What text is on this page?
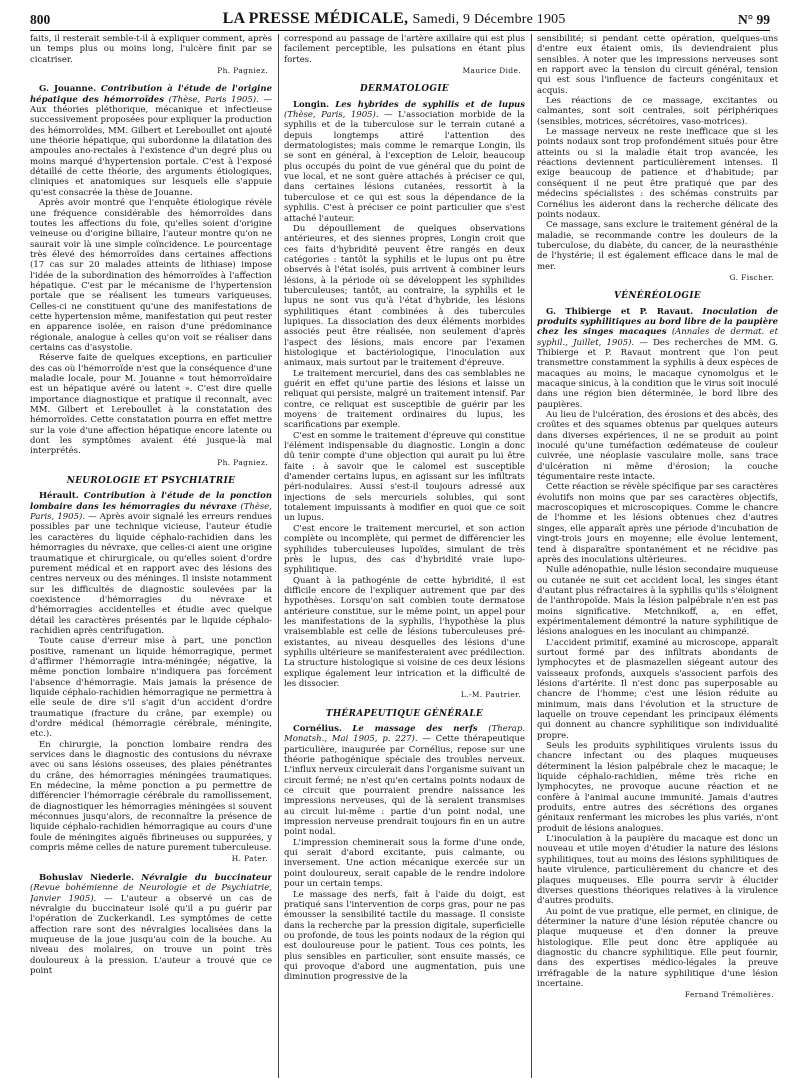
800	LA PRESSE MÉDICALE, Samedi, 9 Décembre 1905	N° 99

faits, il resterait semble-t-il à expliquer comment, après un temps plus ou moins long, l'ulcère finit par se cicatriser.

Ph. Pagniez.

G. Jouanne. Contribution à l'étude de l'origine hépatique des hémorroïdes (Thèse, Paris 1905). — Aux théories pléthorique, mécanique et infectieuse successivement proposées pour expliquer la production des hémorroïdes, MM. Gilbert et Lereboullet ont ajouté une théorie hépatique, qui subordonne la dilatation des ampoules ano-rectales à l'existence d'un degré plus ou moins marqué d'hypertension portale. C'est à l'exposé détaillé de cette théorie, des arguments étiologiques, cliniques et anatomiques sur lesquels elle s'appuie qu'est consacrée la thèse de Jouanne.

Après avoir montré que l'enquête étiologique révèle une fréquence considérable des hémorroïdes dans toutes les affections du foie, qu'elles soient d'origine veineuse ou d'origine biliaire, l'auteur montre qu'on ne saurait voir là une simple coïncidence. Le pourcentage très élevé des hémorroïdes dans certaines affections (17 cas sur 20 malades atteints de lithiase) impose l'idée de la subordination des hémorroïdes à l'affection hépatique. C'est par le mécanisme de l'hypertension portale que se réalisent les tumeurs variqueuses. Celles-ci ne constituent qu'une des manifestations de cette hypertension même, manifestation qui peut rester en apparence isolée, en raison d'une prédominance régionale, analogue à celles qu'on voit se réaliser dans certains cas d'asystolie.

Réserve faite de quelques exceptions, en particulier des cas où l'hémorroïde n'est que la conséquence d'une maladie locale, pour M. Jouanne « tout hémorroïdaire est un hépatique avéré ou latent ». C'est dire quelle importance diagnostique et pratique il reconnaît, avec MM. Gilbert et Lereboullet à la constatation des hémorroïdes. Cette constatation pourra en effet mettre sur la voie d'une affection hépatique encore latente ou dont les symptômes avaient été jusque-là mal interprétés.

Ph. Pagniez.

NEUROLOGIE ET PSYCHIATRIE

Hérault. Contribution à l'étude de la ponction lombaire dans les hémorragies du névraxe (Thèse, Paris, 1905). — Après avoir signalé les erreurs rendues possibles par une technique vicieuse, l'auteur étudie les caractères du liquide céphalo-rachidien dans les hémorragies du névraxe, que celles-ci aient une origine traumatique et chirurgicale, ou qu'elles soient d'ordre purement médical et en rapport avec des lésions des centres nerveux ou des méninges. Il insiste notamment sur les difficultés de diagnostic soulevées par la coexistence d'hémorragies du névraxe et d'hémorragies accidentelles et étudie avec quelque détail les caractères présentés par le liquide céphalo-rachidien après centrifugation.

Toute cause d'erreur mise à part, une ponction positive, ramenant un liquide hémorragique, permet d'affirmer l'hémorragie intra-méningée; négative, la même ponction lombaire n'indiquera pas forcément l'absence d'hémorragie. Mais jamais la présence de liquide céphalo-rachidien hémorragique ne permettra à elle seule de dire s'il s'agit d'un accident d'ordre traumatique (fracture du crâne, par exemple) ou d'ordre médical (hémorragie cérébrale, méningite, etc.).

En chirurgie, la ponction lombaire rendra des services dans le diagnostic des contusions du névraxe avec ou sans lésions osseuses, des plaies pénétrantes du crâne, des hémorragies méningées traumatiques. En médecine, la même ponction a pu permettre de différencier l'hémorragie cérébrale du ramollissement, de diagnostiquer les hémorragies méningées si souvent méconnues jusqu'alors, de reconnaître la présence de liquide céphalo-rachidien hémorragique au cours d'une foule de méningites aiguës fibrineuses ou suppurées, y compris même celles de nature purement tuberculeuse.

H. Pater.

Bohuslav Niederle. Névralgie du buccinateur (Revue bohémienne de Neurologie et de Psychiatrie, Janvier 1905). — L'auteur a observé un cas de névralgie du buccinateur isolé qu'il a pu guérir par l'opération de Zuckerkandl. Les symptômes de cette affection rare sont des névralgies localisées dans la muqueuse de la joue jusqu'au coin de la bouche. Au niveau des molaires, on trouve un point très douloureux à la pression. L'auteur a trouvé que ce point

correspond au passage de l'artère axillaire qui est plus facilement perceptible, les pulsations en étant plus fortes.

Maurice Dide.

DERMATOLOGIE

Longin. Les hybrides de syphilis et de lupus (Thèse, Paris, 1905). — L'association morbide de la syphilis et de la tuberculose sur le terrain cutané a depuis longtemps attiré l'attention des dermatologistes; mais comme le remarque Longin, ils se sont en général, à l'exception de Leloir, beaucoup plus occupés du point de vue général que du point de vue local, et ne sont guère attachés à préciser ce qui, dans certaines lésions cutanées, ressortit à la tuberculose et ce qui est sous la dépendance de la syphilis. C'est à préciser ce point particulier que s'est attaché l'auteur.

Du dépouillement de quelques observations antérieures, et des siennes propres, Longin croit que ces faits d'hybridité peuvent être rangés en deux catégories : tantôt la syphilis et le lupus ont pu être observés à l'état isolés, puis arrivent à combiner leurs lésions, à la période où se développent les syphilides tuberculeuses; tantôt, au contraire, la syphilis et le lupus ne sont vus qu'à l'état d'hybride, les lésions syphilitiques étant combinées à des tubercules lupiques. La dissociation des deux éléments morbides associés peut être réalisée, non seulement d'après l'aspect des lésions, mais encore par l'examen histologique et bactériologique, l'inoculation aux animaux, mais surtout par le traitement d'épreuve.

Le traitement mercuriel, dans des cas semblables ne guérit en effet qu'une partie des lésions et laisse un reliquat qui persiste, malgré un traitement intensif. Par contre, ce reliquat est susceptible de guérir par les moyens de traitement ordinaires du lupus, les scarifications par exemple.

C'est en somme le traitement d'épreuve qui constitue l'élément indispensable du diagnostic. Longin a donc dû tenir compte d'une objection qui aurait pu lui être faite : à savoir que le calomel est susceptible d'amender certains lupus, en agissant sur les infiltrats péri-nodulaires. Aussi s'est-il toujours adressé aux injections de sels mercuriels solubles, qui sont totalement impuissants à modifier en quoi que ce soit un lupus.

C'est encore le traitement mercuriel, et son action complète ou incomplète, qui permet de différencier les syphilides tuberculeuses lupoïdes, simulant de très près le lupus, des cas d'hybridité vraie lupo-syphilitique.

Quant à la pathogénie de cette hybridité, il est difficile encore de l'expliquer autrement que par des hypothèses. Lorsqu'on sait combien toute dermatose antérieure constitue, sur le même point, un appel pour les manifestations de la syphilis, l'hypothèse la plus vraisemblable est celle de lésions tuberculeuses pré-existantes, au niveau desquelles des lésions d'une syphilis ultérieure se manifesteraient avec prédilection. La structure histologique si voisine de ces deux lésions explique également leur intrication et la difficulté de les dissocier.

L.-M. Pautrier.

THÉRAPEUTIQUE GÉNÉRALE

Cornélius. Le massage des nerfs (Therap. Monatsh., Mai 1905, p. 227). — Cette thérapeutique particulière, inaugurée par Cornélius, repose sur une théorie pathogénique spéciale des troubles nerveux. L'influx nerveux circulerait dans l'organisme suivant un circuit fermé; ne n'est qu'en certains points nodaux de ce circuit que pourraient prendre naissance les impressions nerveuses, qui de là seraient transmises au circuit lui-même : partie d'un point nodal, une impression nerveuse prendrait toujours fin en un autre point nodal.

L'impression cheminerait sous la forme d'une onde, qui serait d'abord excitante, puis calmante, ou inversement. Une action mécanique exercée sur un point douloureux, serait capable de le rendre indolore pour un certain temps.

Le massage des nerfs, fait à l'aide du doigt, est pratiqué sans l'intervention de corps gras, pour ne pas émousser la sensibilité tactile du massage. Il consiste dans la recherche par la pression digitale, superficielle ou profonde, de tous les points nodaux de la région qui est douloureuse pour le patient. Tous ces points, les plus sensibles en particulier, sont ensuite massés, ce qui provoque d'abord une augmentation, puis une diminution progressive de la

sensibilité; si pendant cette opération, quelques-uns d'entre eux étaient omis, ils deviendraient plus sensibles. À noter que les impressions nerveuses sont en rapport avec la tension du circuit général, tension qui est sous l'influence de facteurs congénitaux et acquis.

Les réactions de ce massage, excitantes ou calmantes, sont soit centrales, soit périphériques (sensibles, motrices, sécrétoires, vaso-motrices).

Le massage nerveux ne reste inefficace que si les points nodaux sont trop profondément situés pour être atteints ou si la maladie était trop avancée, les réactions deviennent particulièrement intenses. Il exige beaucoup de patience et d'habitude; par conséquent il ne peut être pratiqué que par des médecins spécialistes : des schémas construits par Cornélius les aideront dans la recherche délicate des points nodaux.

Ce massage, sans exclure le traitement général de la maladie, se recommande contre les douleurs de la tuberculose, du diabète, du cancer, de la neurasthénie de l'hystérie; il est également efficace dans le mal de mer.

G. Fischer.

VÉNÉRÉOLOGIE

G. Thibierge et P. Ravaut. Inoculation de produits syphilitiques au bord libre de la paupière chez les singes macaques (Annales de dermat. et syphil., Juillet, 1905). — Des recherches de MM. G. Thibierge et P. Ravaut montrent que l'on peut transmettre constamment la syphilis à deux espèces de macaques au moins, le macaque cynomolgus et le macaque sinicus, à la condition que le virus soit inoculé dans une région bien déterminée, le bord libre des paupières.

Au lieu de l'ulcération, des érosions et des abcès, des croûtes et des squames obtenus par quelques auteurs dans diverses expériences, il ne se produit au point inoculé qu'une tuméfaction œdémateuse de couleur cuivrée, une néoplasie vasculaire molle, sans trace d'ulcération ni même d'érosion; la couche tégumentaire reste intacte.

Cette réaction se révèle spécifique par ses caractères évolutifs non moins que par ses caractères objectifs, macroscopiques et microscopiques. Comme le chancre de l'homme et les lésions obtenues chez d'autres singes, elle apparaît après une période d'incubation de vingt-trois jours en moyenne; elle évolue lentement, tend à disparaître spontanément et ne récidive pas après des inoculations ultérieures.

Nulle adénopathie, nulle lésion secondaire muqueuse ou cutanée ne suit cet accident local, les singes étant d'autant plus réfractaires à la syphilis qu'ils s'éloignent de l'anthropoïde. Mais la lésion palpébrale n'en est pas moins significative. Metchnikoff, a, en effet, expérimentalement démontré la nature syphilitique de lésions analogues en les inoculant au chimpanzé.

L'accident primitif, examiné au microscope, apparaît surtout formé par des infiltrats abondants de lymphocytes et de plasmazellen siégeant autour des vaisseaux profonds, auxquels s'associent parfois des lésions d'artérite. Il n'est donc pas superposable au chancre de l'homme; c'est une lésion réduite au minimum, mais dans l'évolution et la structure de laquelle on trouve cependant les principaux éléments qui donnent au chancre syphilitique son individualité propre.

Seuls les produits syphilitiques virulents issus du chancre infectant ou des plaques muqueuses déterminent la lésion palpébrale chez le macaque; le liquide céphalo-rachidien, même très riche en lymphocytes, ne provoque aucune réaction et ne confère à l'animal aucune immunité. Jamais d'autres produits, entre autres des sécrétions des organes génitaux renfermant les microbes les plus variés, n'ont produit de lésions analogues.

L'inoculation à la paupière du macaque est donc un nouveau et utile moyen d'étudier la nature des lésions syphilitiques, tout au moins des lésions syphilitiques de haute virulence, particulièrement du chancre et des plaques muqueuses. Elle pourra servir à élucider diverses questions théoriques relatives à la virulence d'autres produits.

Au point de vue pratique, elle permet, en clinique, de déterminer la nature d'une lésion réputée chancre ou plaque muqueuse et d'en donner la preuve histologique. Elle peut donc être appliquée au diagnostic du chancre syphilitique. Elle peut fournir, dans des expertises médico-légales la preuve irréfragable de la nature syphilitique d'une lésion incertaine.

Fernand Trémolières.
